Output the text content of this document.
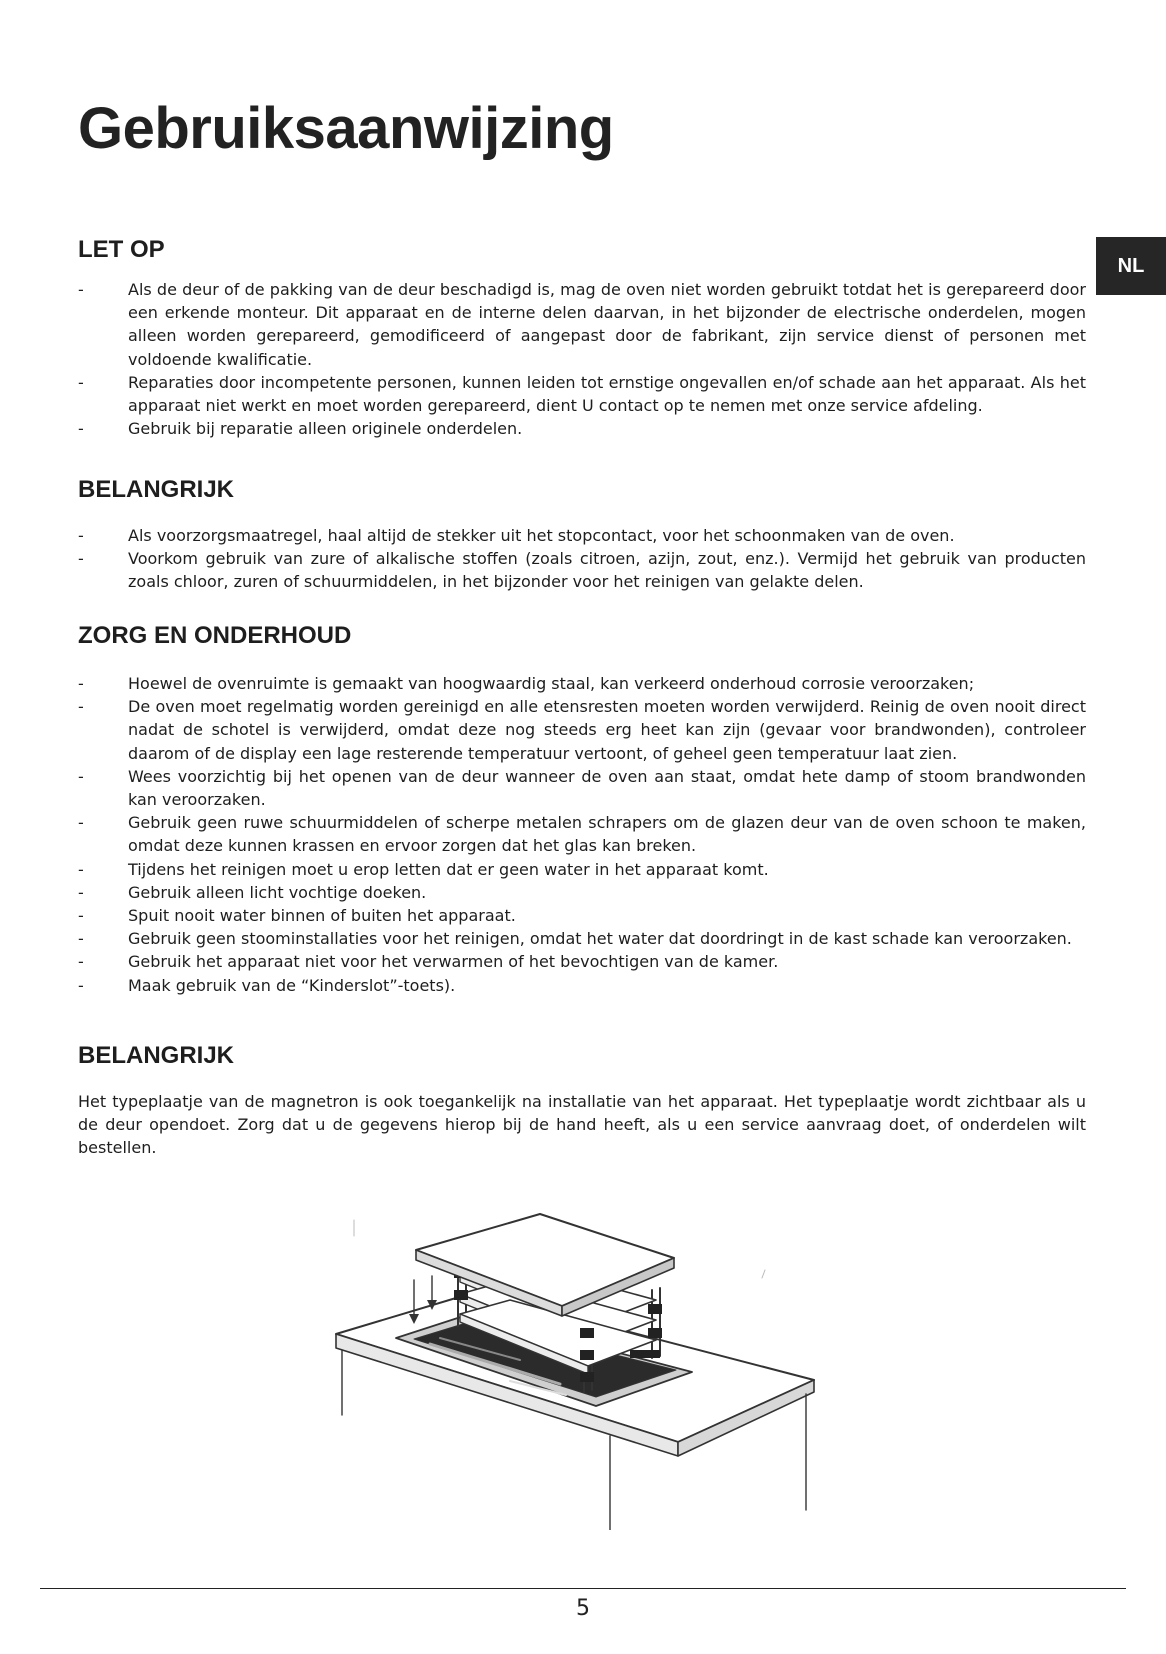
Gebruiksaanwijzing
NL
LET OP
-	Als de deur of de pakking van de deur beschadigd is, mag de oven niet worden gebruikt totdat het is gerepareerd door een erkende monteur. Dit apparaat en de interne delen daarvan, in het bijzonder de electrische onderdelen, mogen alleen worden gerepareerd, gemodificeerd of aangepast door de fabrikant, zijn service dienst of personen met voldoende kwalificatie.
-	Reparaties door incompetente personen, kunnen leiden tot ernstige ongevallen en/of schade aan het apparaat. Als het apparaat niet werkt en moet worden gerepareerd, dient U contact op te nemen met onze service afdeling.
-	Gebruik bij reparatie alleen originele onderdelen.
BELANGRIJK
-	Als voorzorgsmaatregel, haal altijd de stekker uit het stopcontact, voor het schoonmaken van de oven.
-	Voorkom gebruik van zure of alkalische stoffen (zoals citroen, azijn, zout, enz.). Vermijd het gebruik van producten zoals chloor, zuren of schuurmiddelen, in het bijzonder voor het reinigen van gelakte delen.
ZORG EN ONDERHOUD
-	Hoewel de ovenruimte is gemaakt van hoogwaardig staal, kan verkeerd onderhoud corrosie veroorzaken;
-	De oven moet regelmatig worden gereinigd en alle etensresten moeten worden verwijderd. Reinig de oven nooit direct nadat de schotel is verwijderd, omdat deze nog steeds erg heet kan zijn (gevaar voor brandwonden), controleer daarom of de display een lage resterende temperatuur vertoont, of geheel geen temperatuur laat zien.
-	Wees voorzichtig bij het openen van de deur wanneer de oven aan staat, omdat hete damp of stoom brandwonden kan veroorzaken.
-	Gebruik geen ruwe schuurmiddelen of scherpe metalen schrapers om de glazen deur van de oven schoon te maken, omdat deze kunnen krassen en ervoor zorgen dat het glas kan breken.
-	Tijdens het reinigen moet u erop letten dat er geen water in het apparaat komt.
-	Gebruik alleen licht vochtige doeken.
-	Spuit nooit water binnen of buiten het apparaat.
-	Gebruik geen stoominstallaties voor het reinigen, omdat het water dat doordringt in de kast schade kan veroorzaken.
-	Gebruik het apparaat niet voor het verwarmen of het bevochtigen van de kamer.
-	Maak gebruik van de “Kinderslot”-toets).
BELANGRIJK

Het typeplaatje van de magnetron is ook toegankelijk na installatie van het apparaat. Het typeplaatje wordt zichtbaar als u de deur opendoet. Zorg dat u de gegevens hierop bij de hand heeft, als u een service aanvraag doet, of onderdelen wilt bestellen.

5
